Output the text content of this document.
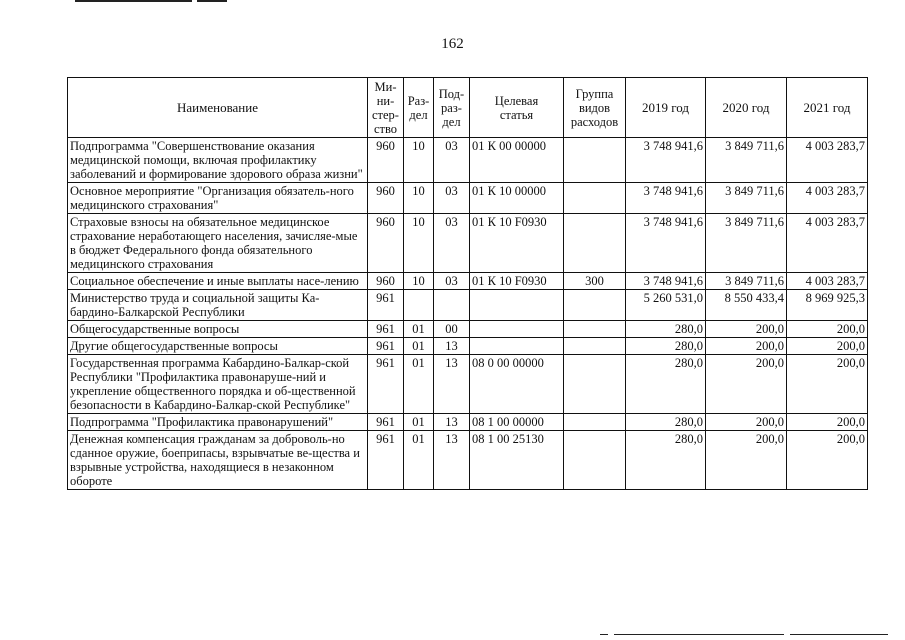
162
Наименование	Ми-
ни-
стер-
ство	Раз-
дел	Под-
раз-
дел	Целевая
статья	Группа
видов
расходов	2019 год	2020 год	2021 год
Подпрограмма "Совершенствование оказания медицинской помощи, включая профилактику заболеваний и формирование здорового образа жизни"	960	10	03	01 К 00 00000		3 748 941,6	3 849 711,6	4 003 283,7
Основное мероприятие "Организация обязатель-ного медицинского страхования"	960	10	03	01 К 10 00000		3 748 941,6	3 849 711,6	4 003 283,7
Страховые взносы на обязательное медицинское страхование неработающего населения, зачисляе-мые в бюджет Федерального фонда обязательного медицинского страхования	960	10	03	01 К 10 F0930		3 748 941,6	3 849 711,6	4 003 283,7
Социальное обеспечение и иные выплаты насе-лению	960	10	03	01 К 10 F0930	300	3 748 941,6	3 849 711,6	4 003 283,7
Министерство труда и социальной защиты Ка-бардино-Балкарской Республики	961					5 260 531,0	8 550 433,4	8 969 925,3
Общегосударственные вопросы	961	01	00			280,0	200,0	200,0
Другие общегосударственные вопросы	961	01	13			280,0	200,0	200,0
Государственная программа Кабардино-Балкар-ской Республики "Профилактика правонаруше-ний и укрепление общественного порядка и об-щественной безопасности в Кабардино-Балкар-ской Республике"	961	01	13	08 0 00 00000		280,0	200,0	200,0
Подпрограмма "Профилактика правонарушений"	961	01	13	08 1 00 00000		280,0	200,0	200,0
Денежная компенсация гражданам за доброволь-но сданное оружие, боеприпасы, взрывчатые ве-щества и взрывные устройства, находящиеся в незаконном обороте	961	01	13	08 1 00 25130		280,0	200,0	200,0
